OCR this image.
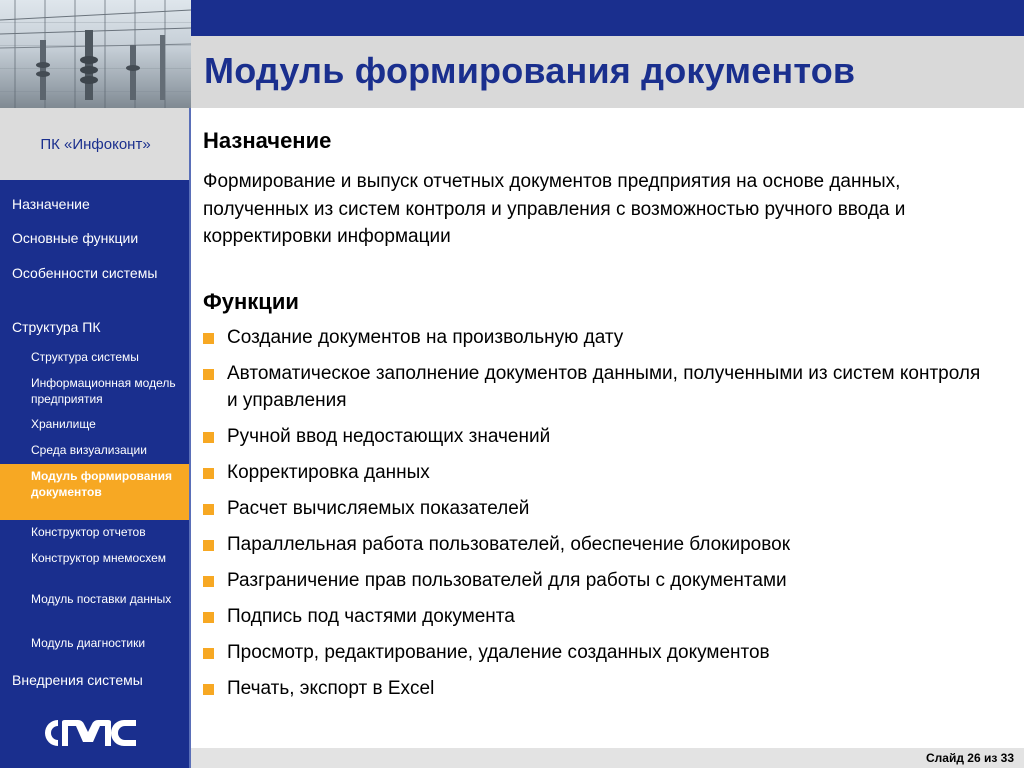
Модуль формирования документов
ПК «Инфоконт»
Назначение
Основные функции
Особенности системы
Структура ПК
Структура системы
Информационная модель предприятия
Хранилище
Среда визуализации
Модуль формирования документов
Конструктор отчетов
Конструктор мнемосхем
Модуль поставки данных
Модуль диагностики
Внедрения системы
Назначение

Формирование и выпуск отчетных документов предприятия на основе данных, полученных из систем контроля и управления с возможностью ручного ввода и корректировки информации

Функции
Создание документов на произвольную дату
Автоматическое заполнение документов данными, полученными из систем контроля и управления
Ручной ввод недостающих значений
Корректировка данных
Расчет вычисляемых показателей
Параллельная работа пользователей, обеспечение блокировок
Разграничение прав пользователей для работы с документами
Подпись под частями документа
Просмотр, редактирование, удаление созданных документов
Печать, экспорт в Excel
Слайд 26 из 33
